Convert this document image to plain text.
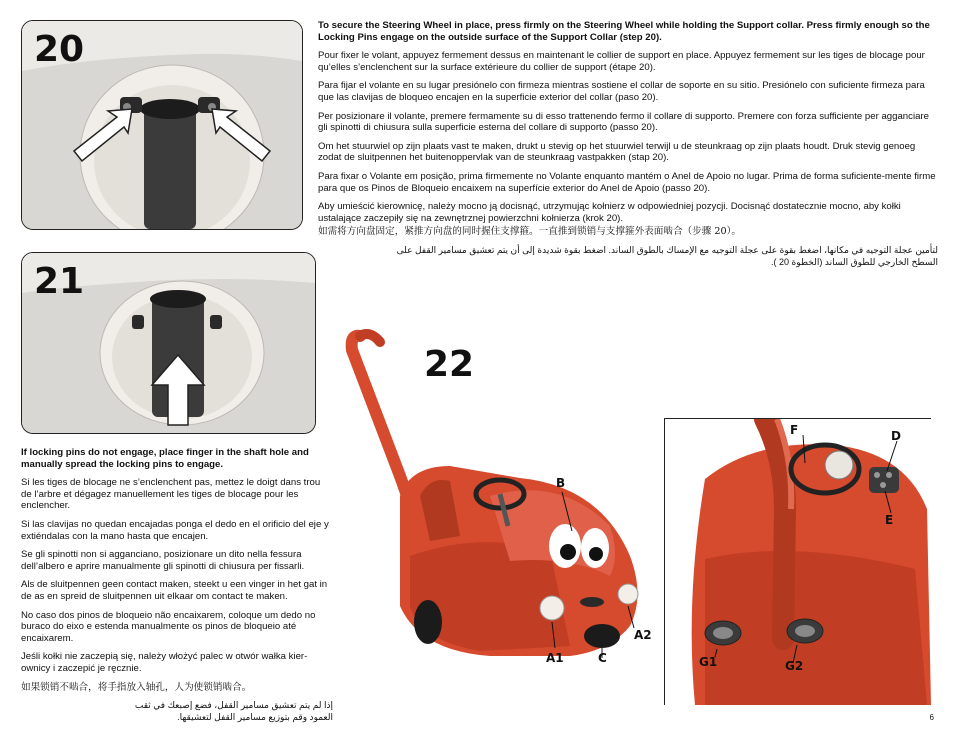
20
21

To secure the Steering Wheel in place, press firmly on the Steering Wheel while holding the Support collar. Press firmly enough so the Locking Pins engage on the outside surface of the Support Collar (step 20).

Pour fixer le volant, appuyez fermement dessus en maintenant le collier de support en place. Appuyez fermement sur les tiges de blocage pour qu’elles s’enclenchent sur la surface extérieure du collier de support (étape 20).

Para fijar el volante en su lugar presiónelo con firmeza mientras sostiene el collar de soporte en su sitio. Presiónelo con suficiente firmeza para que las clavijas de bloqueo encajen en la superficie exterior del collar (paso 20).

Per posizionare il volante, premere fermamente su di esso trattenendo fermo il collare di supporto. Premere con forza sufficiente per agganciare gli spinotti di chiusura sulla superficie esterna del collare di supporto (passo 20).

Om het stuurwiel op zijn plaats vast te maken, drukt u stevig op het stuurwiel terwijl u de steunkraag op zijn plaats houdt. Druk stevig genoeg zodat de sluitpennen het buitenoppervlak van de steunkraag vastpakken (stap 20).

Para fixar o Volante em posição, prima firmemente no Volante enquanto mantém o Anel de Apoio no lugar. Prima de forma suficiente-mente firme para que os Pinos de Bloqueio encaixem na superfície exterior do Anel de Apoio (passo 20).

Aby umieścić kierownicę, należy mocno ją docisnąć, utrzymując kołnierz w odpowiedniej pozycji. Docisnąć dostatecznie mocno, aby kołki ustalające zaczepiły się na zewnętrznej powierzchni kołnierza (krok 20).

如需将方向盘固定，紧推方向盘的同时握住支撑箍。一直推到锁销与支撑箍外表面啮合（步骤 20）。

لتأمين عجلة التوجيه في مكانها، اضغط بقوة على عجلة التوجيه مع الإمساك بالطوق الساند. اضغط بقوة شديدة إلى أن يتم تعشيق مسامير القفل على السطح الخارجي للطوق الساند (الخطوة 20 ).

If locking pins do not engage, place finger in the shaft hole and manually spread the locking pins to engage.

Si les tiges de blocage ne s’enclenchent pas, mettez le doigt dans trou de l’arbre et dégagez manuellement les tiges de blocage pour les enclencher.

Si las clavijas no quedan encajadas ponga el dedo en el orificio del eje y extiéndalas con la mano hasta que encajen.

Se gli spinotti non si agganciano, posizionare un dito nella fessura dell’albero e aprire manualmente gli spinotti di chiusura per fissarli.

Als de sluitpennen geen contact maken, steekt u een vinger in het gat in de as en spreid de sluitpennen uit elkaar om contact te maken.

No caso dos pinos de bloqueio não encaixarem, coloque um dedo no buraco do eixo e estenda manualmente os pinos de bloqueio até encaixarem.

Jeśli kołki nie zaczepią się, należy włożyć palec w otwór wałka kier-ownicy i zaczepić je ręcznie.

如果锁销不啮合，将手指放入轴孔，人为使锁销啮合。

إذا لم يتم تعشيق مسامير القفل، فضع إصبعك في ثقب العمود وقم بتوزيع مسامير القفل لتعشيقها.

22
B
A1	C
A2
F	D
E
G1	G2
6
